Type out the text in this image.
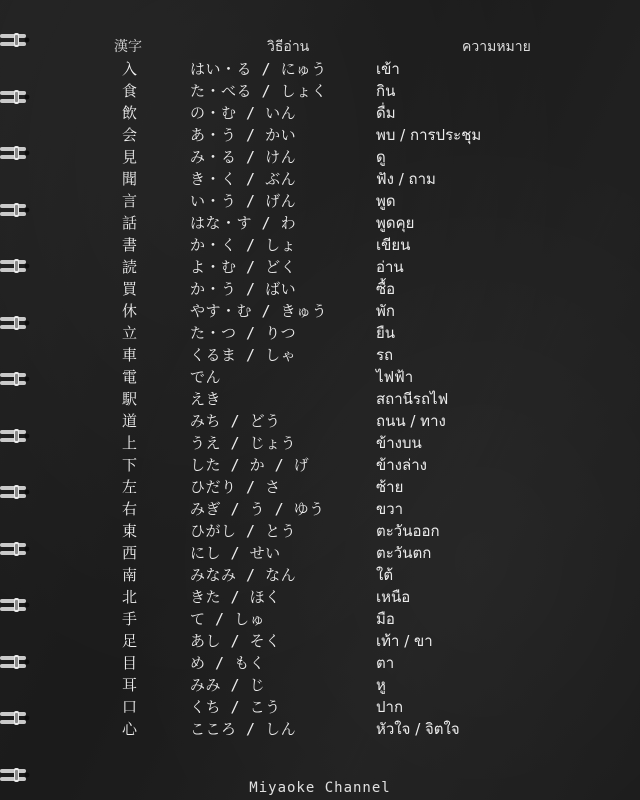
漢字	วิธีอ่าน	ความหมาย
入	はい・る / にゅう	เข้า
食	た・べる / しょく	กิน
飲	の・む / いん	ดื่ม
会	あ・う / かい	พบ / การประชุม
見	み・る / けん	ดู
聞	き・く / ぶん	ฟัง / ถาม
言	い・う / げん	พูด
話	はな・す / わ	พูดคุย
書	か・く / しょ	เขียน
読	よ・む / どく	อ่าน
買	か・う / ばい	ซื้อ
休	やす・む / きゅう	พัก
立	た・つ / りつ	ยืน
車	くるま / しゃ	รถ
電	でん	ไฟฟ้า
駅	えき	สถานีรถไฟ
道	みち / どう	ถนน / ทาง
上	うえ / じょう	ข้างบน
下	した / か / げ	ข้างล่าง
左	ひだり / さ	ซ้าย
右	みぎ / う / ゆう	ขวา
東	ひがし / とう	ตะวันออก
西	にし / せい	ตะวันตก
南	みなみ / なん	ใต้
北	きた / ほく	เหนือ
手	て / しゅ	มือ
足	あし / そく	เท้า / ขา
目	め / もく	ตา
耳	みみ / じ	หู
口	くち / こう	ปาก
心	こころ / しん	หัวใจ / จิตใจ
Miyaoke Channel
